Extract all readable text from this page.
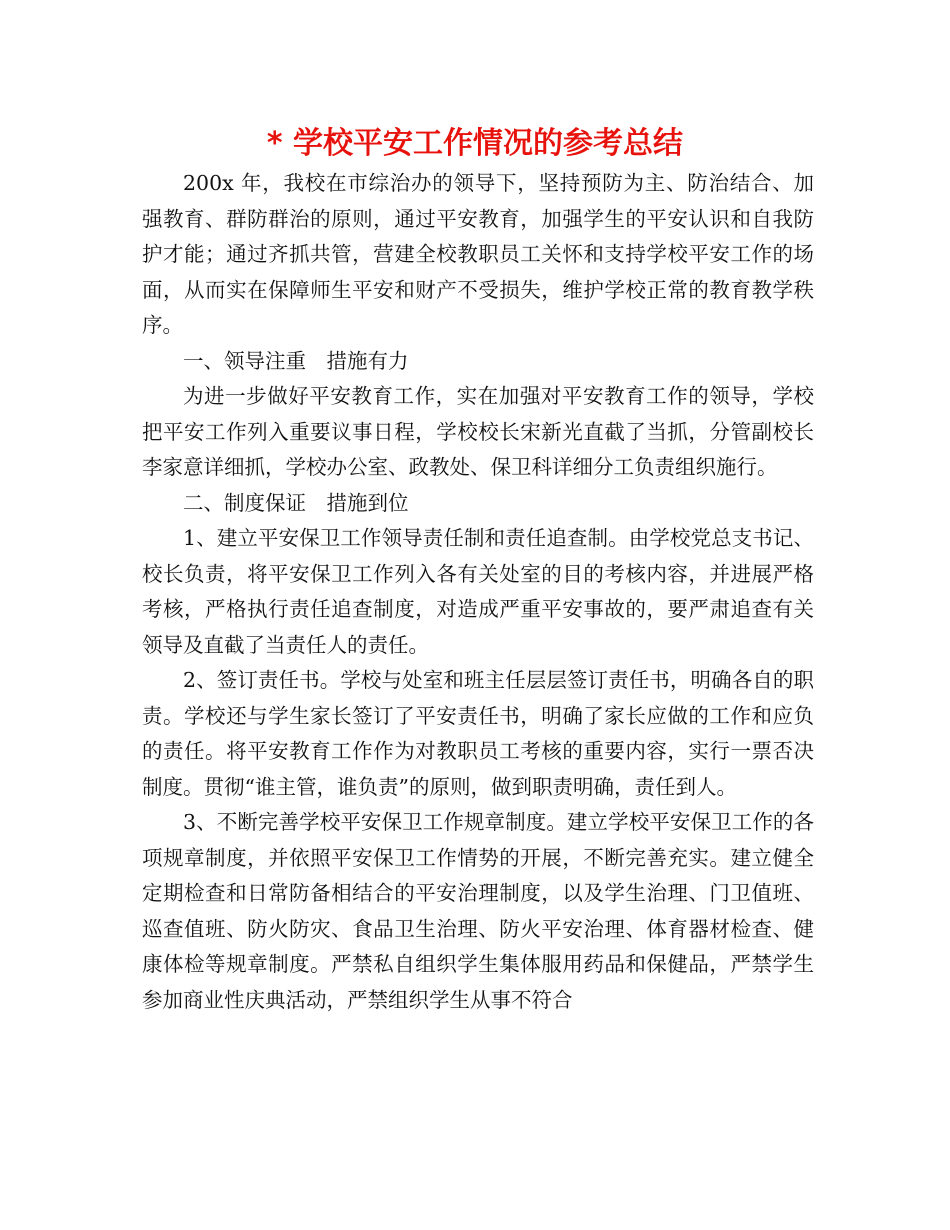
* 学校平安工作情况的参考总结

200x 年，我校在市综治办的领导下，坚持预防为主、防治结合、加强教育、群防群治的原则，通过平安教育，加强学生的平安认识和自我防护才能；通过齐抓共管，营建全校教职员工关怀和支持学校平安工作的场面，从而实在保障师生平安和财产不受损失，维护学校正常的教育教学秩序。

一、领导注重　措施有力

为进一步做好平安教育工作，实在加强对平安教育工作的领导，学校把平安工作列入重要议事日程，学校校长宋新光直截了当抓，分管副校长李家意详细抓，学校办公室、政教处、保卫科详细分工负责组织施行。

二、制度保证　措施到位

1、建立平安保卫工作领导责任制和责任追查制。由学校党总支书记、校长负责，将平安保卫工作列入各有关处室的目的考核内容，并进展严格考核，严格执行责任追查制度，对造成严重平安事故的，要严肃追查有关领导及直截了当责任人的责任。

2、签订责任书。学校与处室和班主任层层签订责任书，明确各自的职责。学校还与学生家长签订了平安责任书，明确了家长应做的工作和应负的责任。将平安教育工作作为对教职员工考核的重要内容，实行一票否决制度。贯彻“谁主管，谁负责”的原则，做到职责明确，责任到人。

3、不断完善学校平安保卫工作规章制度。建立学校平安保卫工作的各项规章制度，并依照平安保卫工作情势的开展，不断完善充实。建立健全定期检查和日常防备相结合的平安治理制度，以及学生治理、门卫值班、巡查值班、防火防灾、食品卫生治理、防火平安治理、体育器材检查、健康体检等规章制度。严禁私自组织学生集体服用药品和保健品，严禁学生参加商业性庆典活动，严禁组织学生从事不符合
